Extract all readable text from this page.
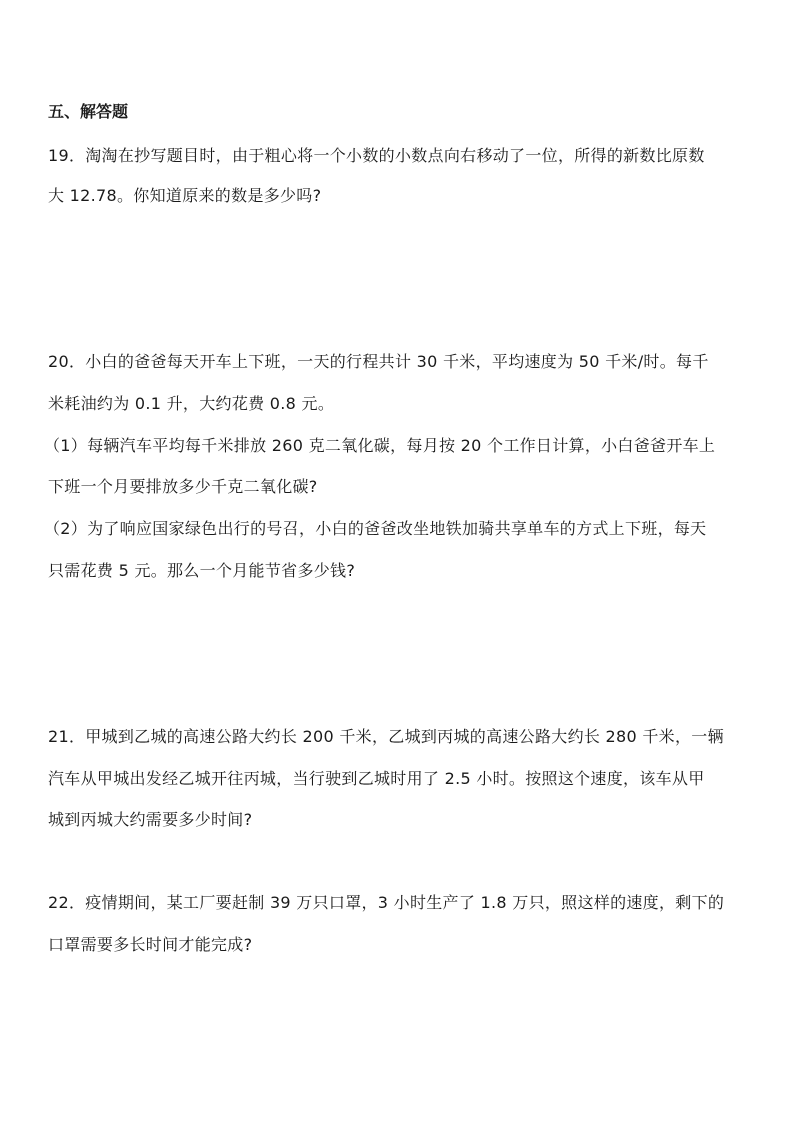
五、解答题
19．淘淘在抄写题目时，由于粗心将一个小数的小数点向右移动了一位，所得的新数比原数
大 12.78。你知道原来的数是多少吗?
20．小白的爸爸每天开车上下班，一天的行程共计 30 千米，平均速度为 50 千米/时。每千
米耗油约为 0.1 升，大约花费 0.8 元。
（1）每辆汽车平均每千米排放 260 克二氧化碳，每月按 20 个工作日计算，小白爸爸开车上
下班一个月要排放多少千克二氧化碳?
（2）为了响应国家绿色出行的号召，小白的爸爸改坐地铁加骑共享单车的方式上下班，每天
只需花费 5 元。那么一个月能节省多少钱?
21．甲城到乙城的高速公路大约长 200 千米，乙城到丙城的高速公路大约长 280 千米，一辆
汽车从甲城出发经乙城开往丙城，当行驶到乙城时用了 2.5 小时。按照这个速度，该车从甲
城到丙城大约需要多少时间?
22．疫情期间，某工厂要赶制 39 万只口罩，3 小时生产了 1.8 万只，照这样的速度，剩下的
口罩需要多长时间才能完成?
